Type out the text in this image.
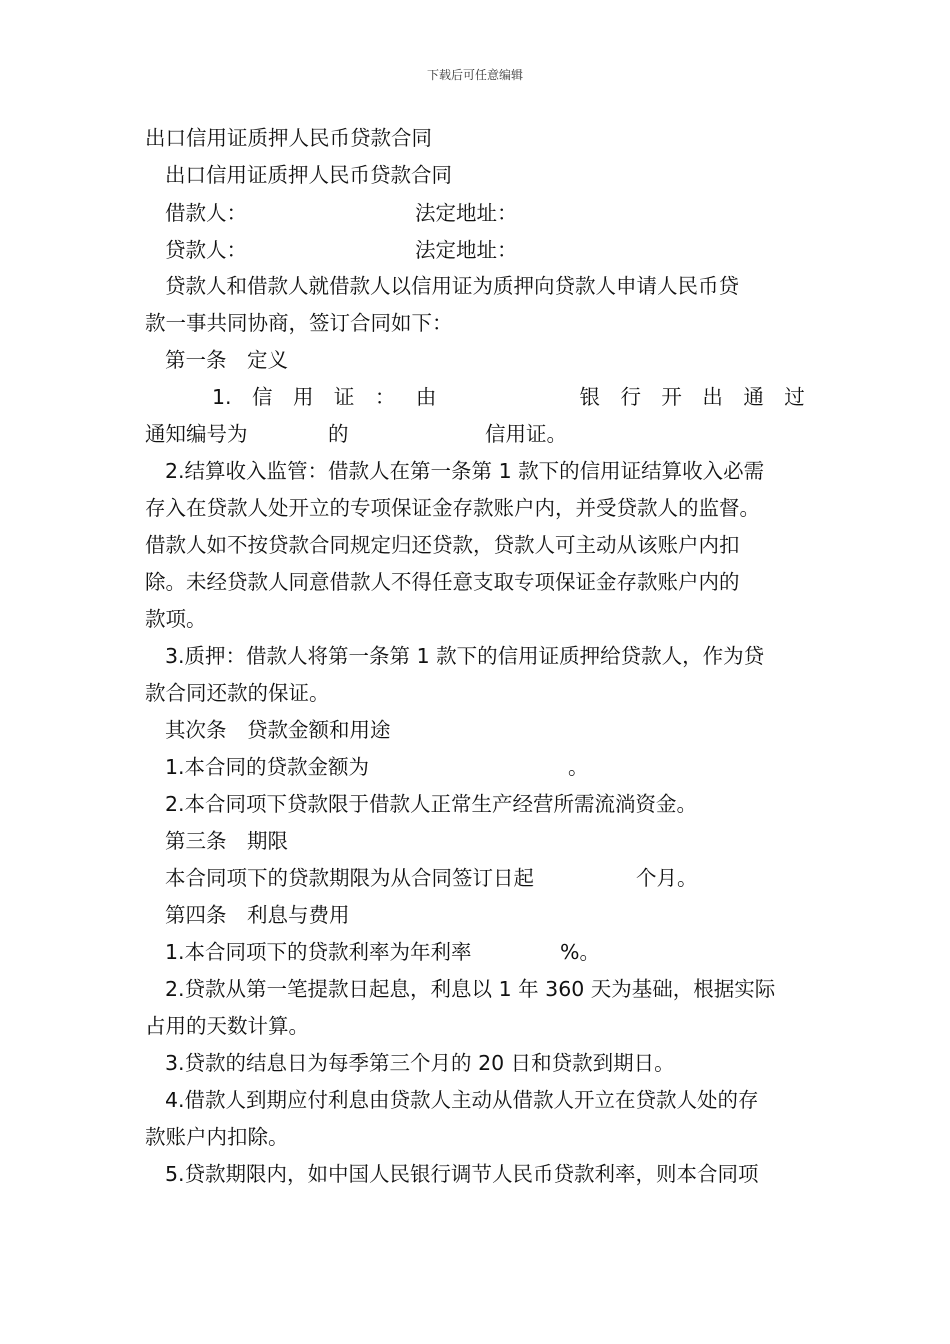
下载后可任意编辑
出口信用证质押人民币贷款合同
出口信用证质押人民币贷款合同
借款人：	法定地址：
贷款人：	法定地址：
贷款人和借款人就借款人以信用证为质押向贷款人申请人民币贷
款一事共同协商，签订合同如下：
第一条　定义
1. 信 用 证 ： 由	银 行 开 出 通 过
通知编号为	的	信用证。
2.结算收入监管：借款人在第一条第 1 款下的信用证结算收入必需
存入在贷款人处开立的专项保证金存款账户内，并受贷款人的监督。
借款人如不按贷款合同规定归还贷款，贷款人可主动从该账户内扣
除。未经贷款人同意借款人不得任意支取专项保证金存款账户内的
款项。
3.质押：借款人将第一条第 1 款下的信用证质押给贷款人，作为贷
款合同还款的保证。
其次条　贷款金额和用途
1.本合同的贷款金额为	。
2.本合同项下贷款限于借款人正常生产经营所需流淌资金。
第三条　期限
本合同项下的贷款期限为从合同签订日起	个月。
第四条　利息与费用
1.本合同项下的贷款利率为年利率	%。
2.贷款从第一笔提款日起息，利息以 1 年 360 天为基础，根据实际
占用的天数计算。
3.贷款的结息日为每季第三个月的 20 日和贷款到期日。
4.借款人到期应付利息由贷款人主动从借款人开立在贷款人处的存
款账户内扣除。
5.贷款期限内，如中国人民银行调节人民币贷款利率，则本合同项
